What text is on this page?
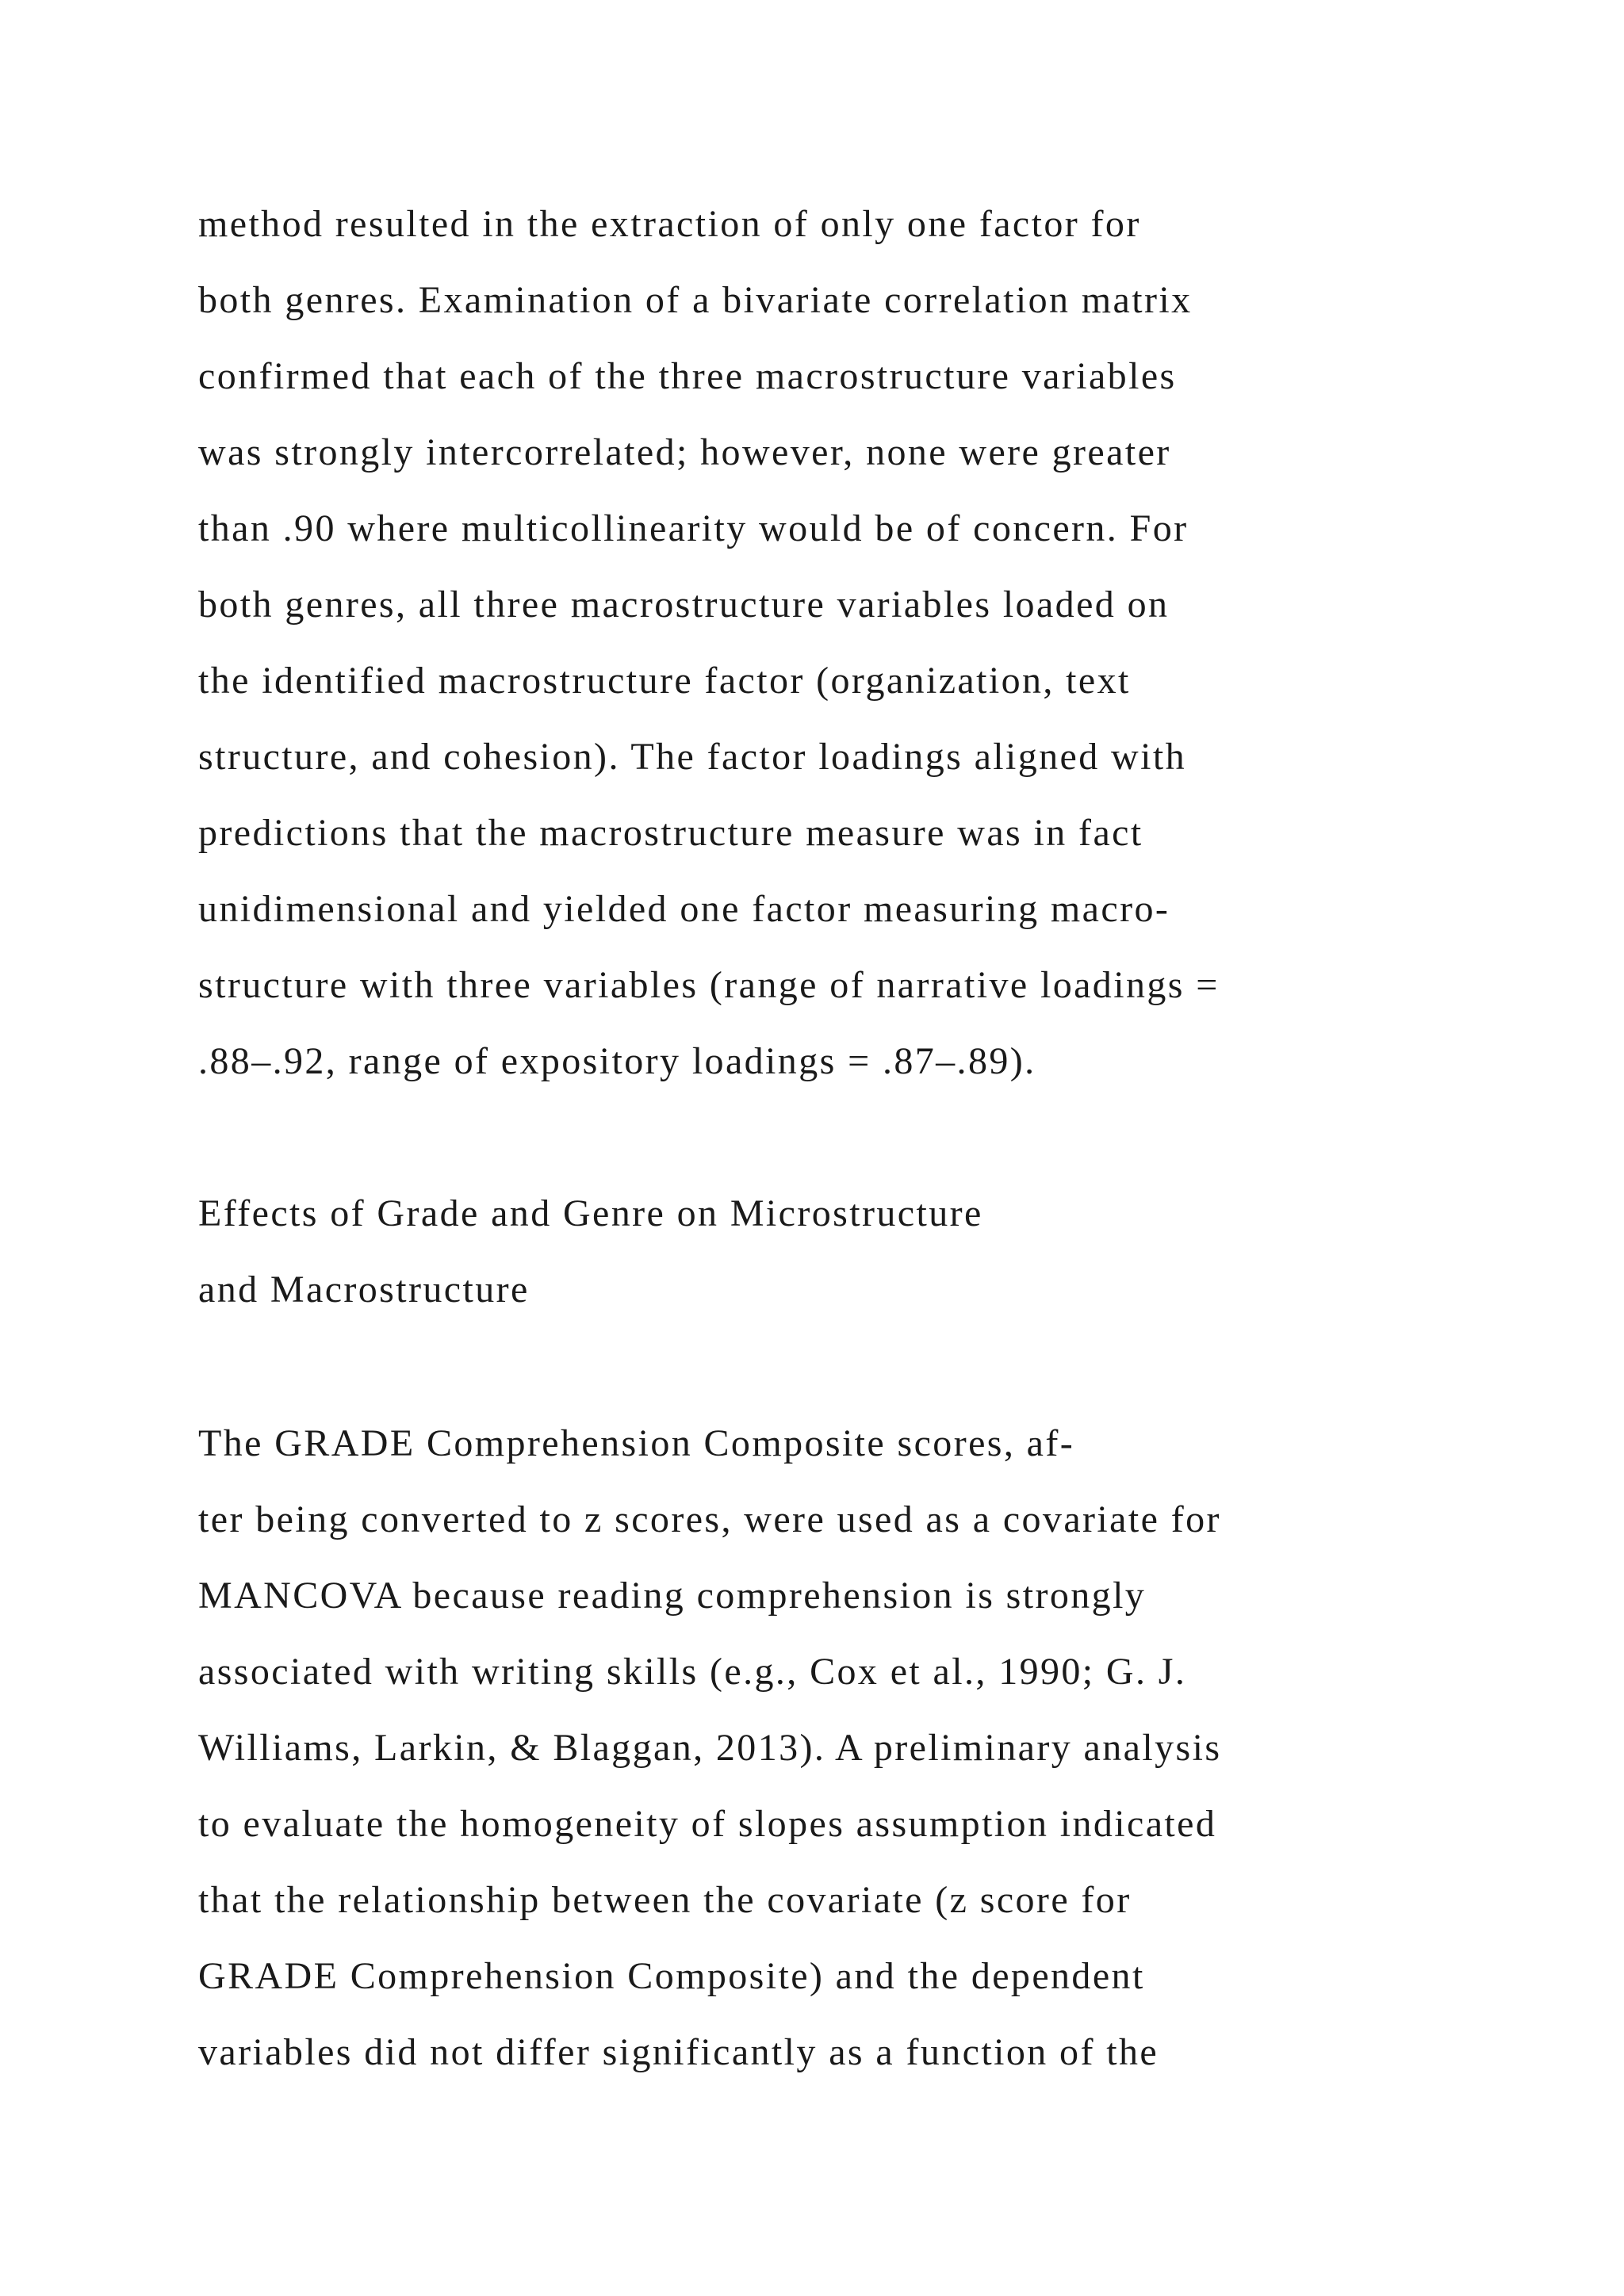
method resulted in the extraction of only one factor for
both genres. Examination of a bivariate correlation matrix
confirmed that each of the three macrostructure variables
was strongly intercorrelated; however, none were greater
than .90 where multicollinearity would be of concern. For
both genres, all three macrostructure variables loaded on
the identified macrostructure factor (organization, text
structure, and cohesion). The factor loadings aligned with
predictions that the macrostructure measure was in fact
unidimensional and yielded one factor measuring macro-
structure with three variables (range of narrative loadings =
.88–.92, range of expository loadings = .87–.89).

Effects of Grade and Genre on Microstructure
and Macrostructure

The GRADE Comprehension Composite scores, af-
ter being converted to z scores, were used as a covariate for
MANCOVA because reading comprehension is strongly
associated with writing skills (e.g., Cox et al., 1990; G. J.
Williams, Larkin, & Blaggan, 2013). A preliminary analysis
to evaluate the homogeneity of slopes assumption indicated
that the relationship between the covariate (z score for
GRADE Comprehension Composite) and the dependent
variables did not differ significantly as a function of the
